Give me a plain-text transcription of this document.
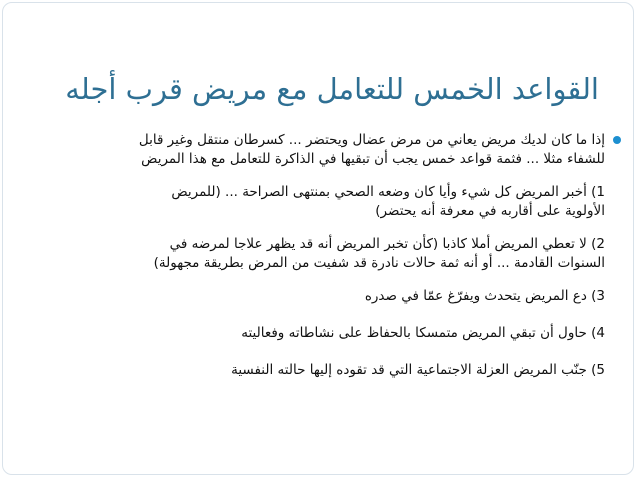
القواعد الخمس للتعامل مع مريض قرب أجله
إذا ما كان لديك مريض يعاني من مرض عضال ويحتضر ... كسرطان منتقل وغير قابل
للشفاء مثلا ... فثمة قواعد خمس يجب أن تبقيها في الذاكرة للتعامل مع هذا المريض
1) أخبر المريض كل شيء وأيا كان وضعه الصحي بمنتهى الصراحة ... (للمريض
الأولوية على أقاربه في معرفة أنه يحتضر)
2) لا تعطي المريض أملا كاذبا (كأن تخبر المريض أنه قد يظهر علاجا لمرضه في
السنوات القادمة ... أو أنه ثمة حالات نادرة قد شفيت من المرض بطريقة مجهولة)
3) دع المريض يتحدث ويفرّغ عمّا في صدره
4) حاول أن تبقي المريض متمسكا بالحفاظ على نشاطاته وفعاليته
5) جنّب المريض العزلة الاجتماعية التي قد تقوده إليها حالته النفسية
